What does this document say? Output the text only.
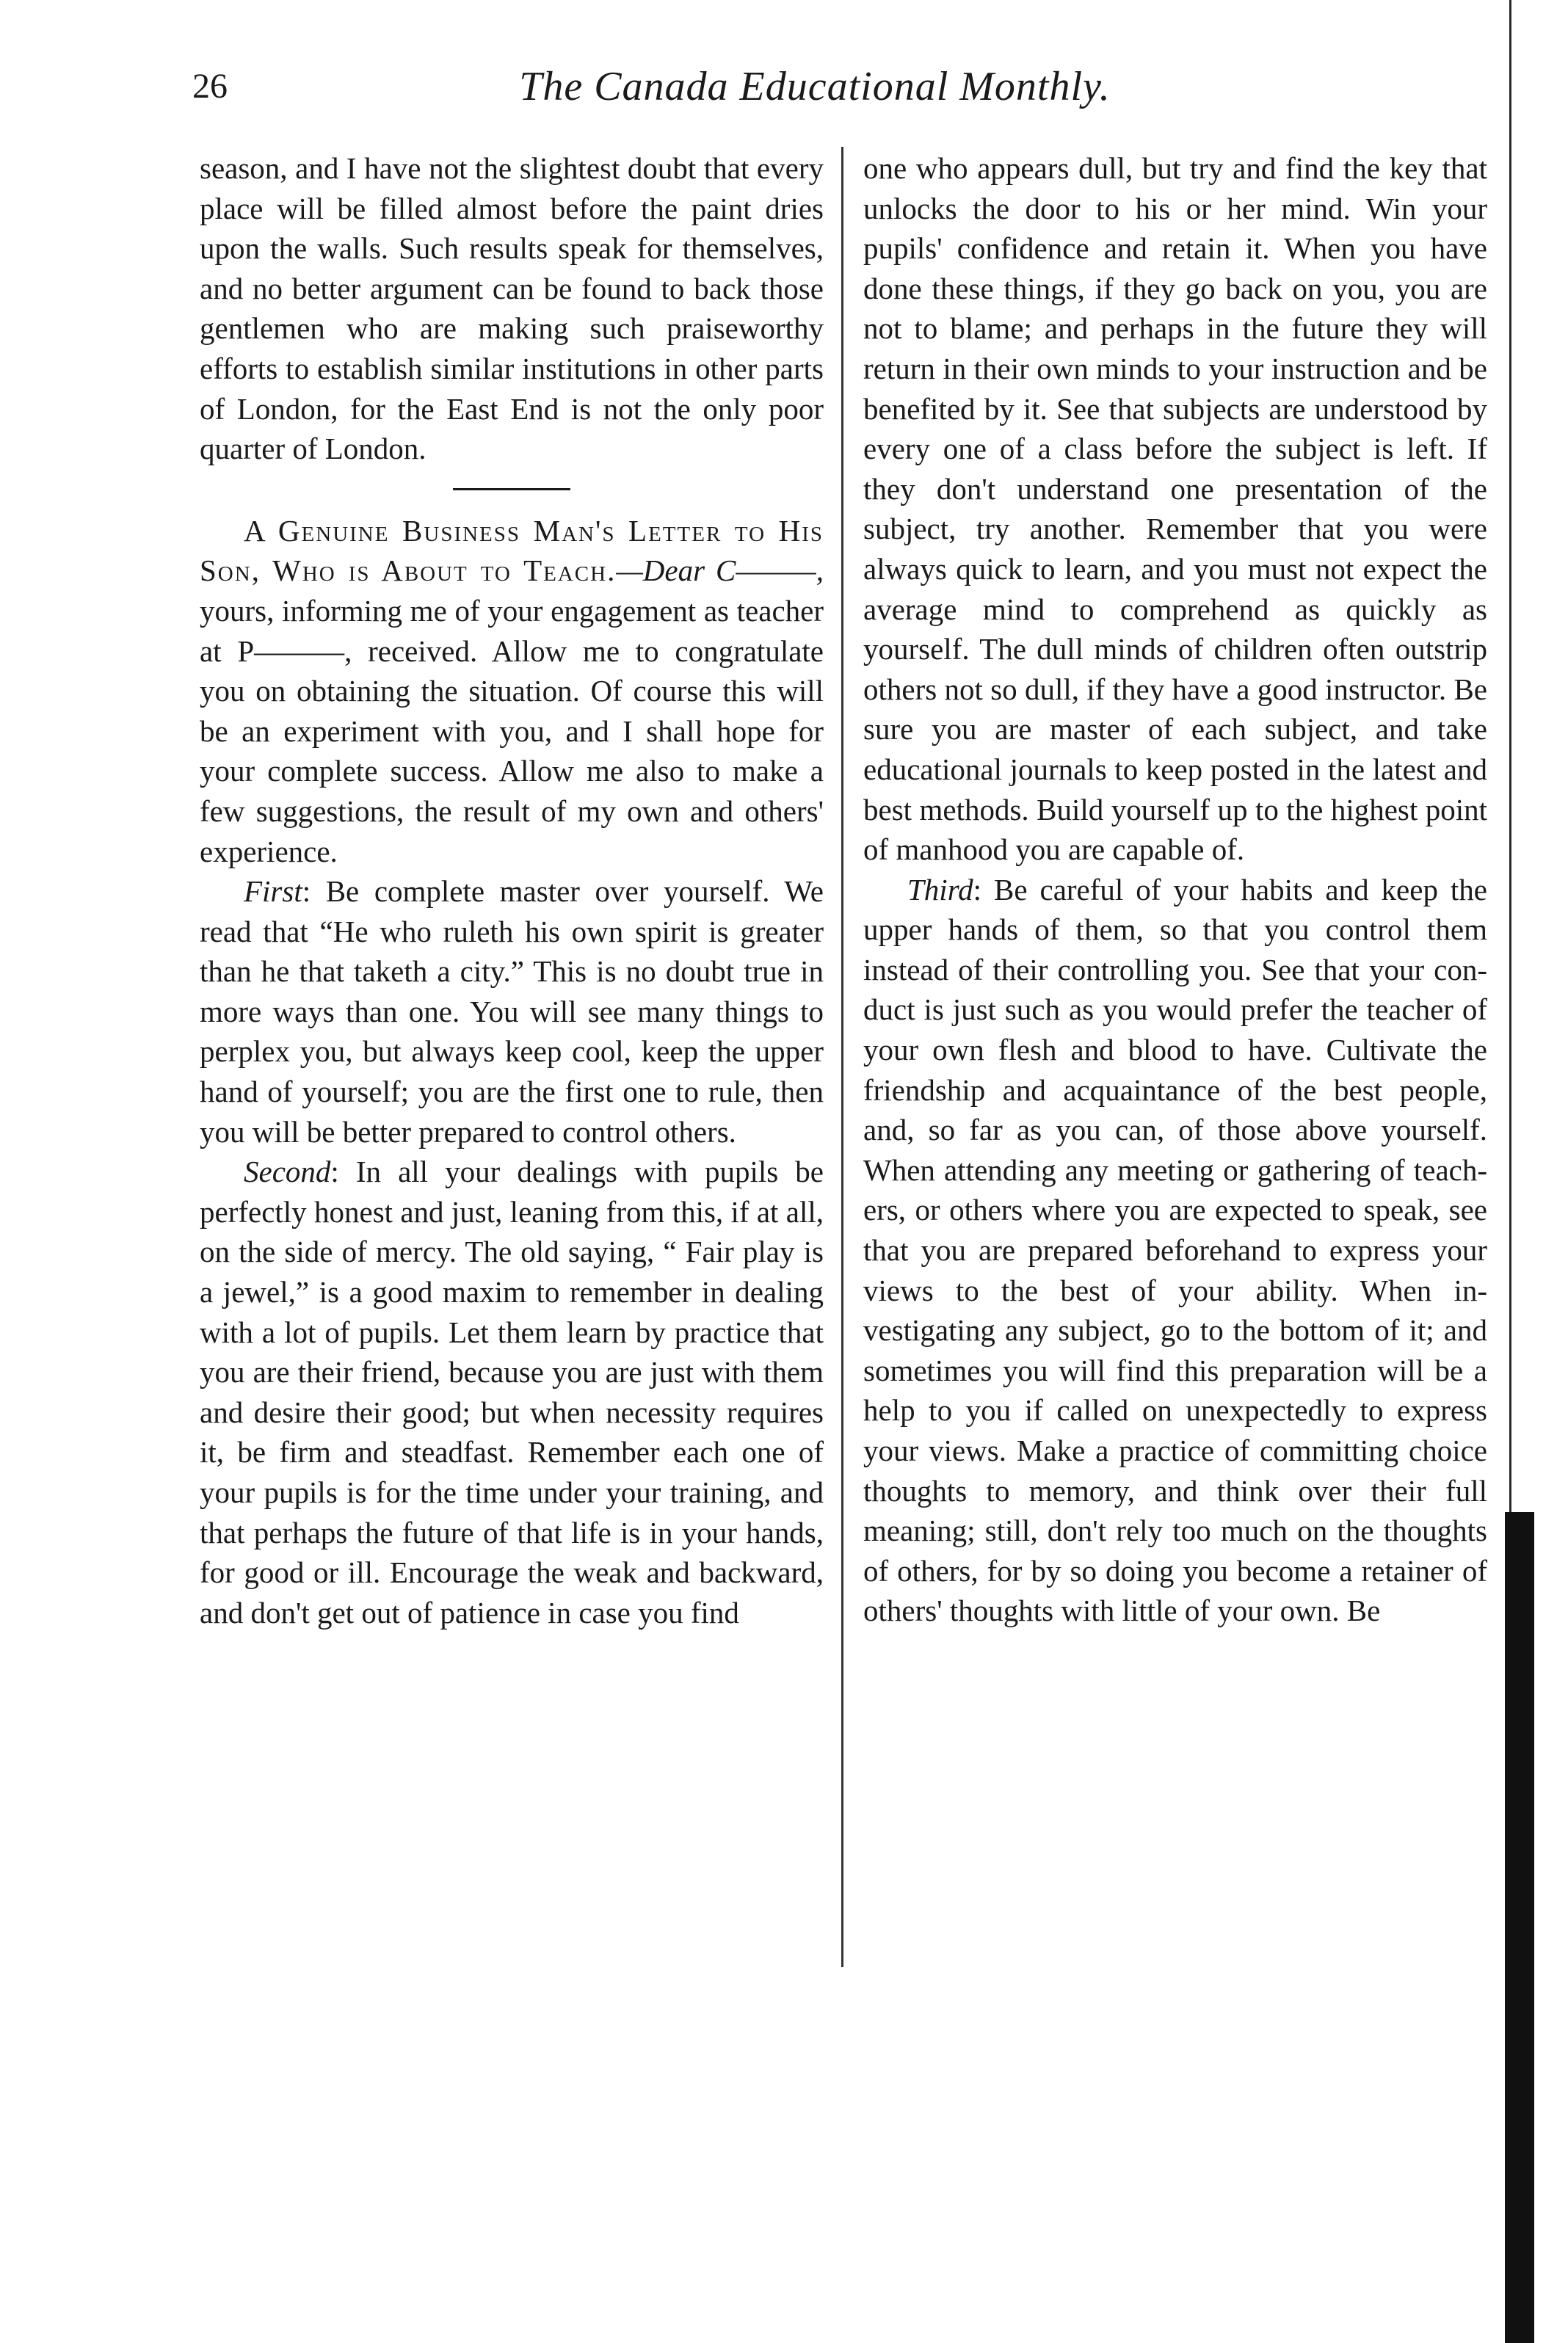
26	The Canada Educational Monthly.

season, and I have not the slightest doubt that every place will be filled almost before the paint dries upon the walls. Such results speak for themselves, and no better argument can be found to back those gentlemen who are making such praiseworthy efforts to establish similar institutions in other parts of London, for the East End is not the only poor quarter of London.

A Genuine Business Man's Letter to His Son, Who is About to Teach.—Dear C———, yours, informing me of your engagement as teacher at P———, received. Allow me to congratulate you on obtaining the situation. Of course this will be an experiment with you, and I shall hope for your complete success. Allow me also to make a few suggestions, the result of my own and others' experience.

First: Be complete master over yourself. We read that “He who ruleth his own spirit is greater than he that taketh a city.” This is no doubt true in more ways than one. You will see many things to perplex you, but always keep cool, keep the upper hand of yourself; you are the first one to rule, then you will be better prepared to control others.

Second: In all your dealings with pupils be perfectly honest and just, leaning from this, if at all, on the side of mercy. The old saying, “ Fair play is a jewel,” is a good maxim to remember in dealing with a lot of pupils. Let them learn by practice that you are their friend, because you are just with them and desire their good; but when necessity requires it, be firm and steadfast. Remember each one of your pupils is for the time under your training, and that perhaps the future of that life is in your hands, for good or ill. Encourage the weak and backward, and don't get out of patience in case you find

one who appears dull, but try and find the key that unlocks the door to his or her mind. Win your pupils' confidence and retain it. When you have done these things, if they go back on you, you are not to blame; and perhaps in the future they will return in their own minds to your instruction and be benefited by it. See that subjects are understood by every one of a class before the subject is left. If they don't understand one presentation of the subject, try another. Remember that you were always quick to learn, and you must not expect the average mind to comprehend as quickly as yourself. The dull minds of children often outstrip others not so dull, if they have a good instructor. Be sure you are master of each subject, and take educational journals to keep posted in the latest and best methods. Build yourself up to the highest point of manhood you are capable of.

Third: Be careful of your habits and keep the upper hands of them, so that you control them instead of their controlling you. See that your conduct is just such as you would prefer the teacher of your own flesh and blood to have. Cultivate the friendship and acquaintance of the best people, and, so far as you can, of those above yourself. When attending any meeting or gathering of teachers, or others where you are expected to speak, see that you are prepared beforehand to express your views to the best of your ability. When investigating any subject, go to the bottom of it; and sometimes you will find this preparation will be a help to you if called on unexpectedly to express your views. Make a practice of committing choice thoughts to memory, and think over their full meaning; still, don't rely too much on the thoughts of others, for by so doing you become a retainer of others' thoughts with little of your own. Be
